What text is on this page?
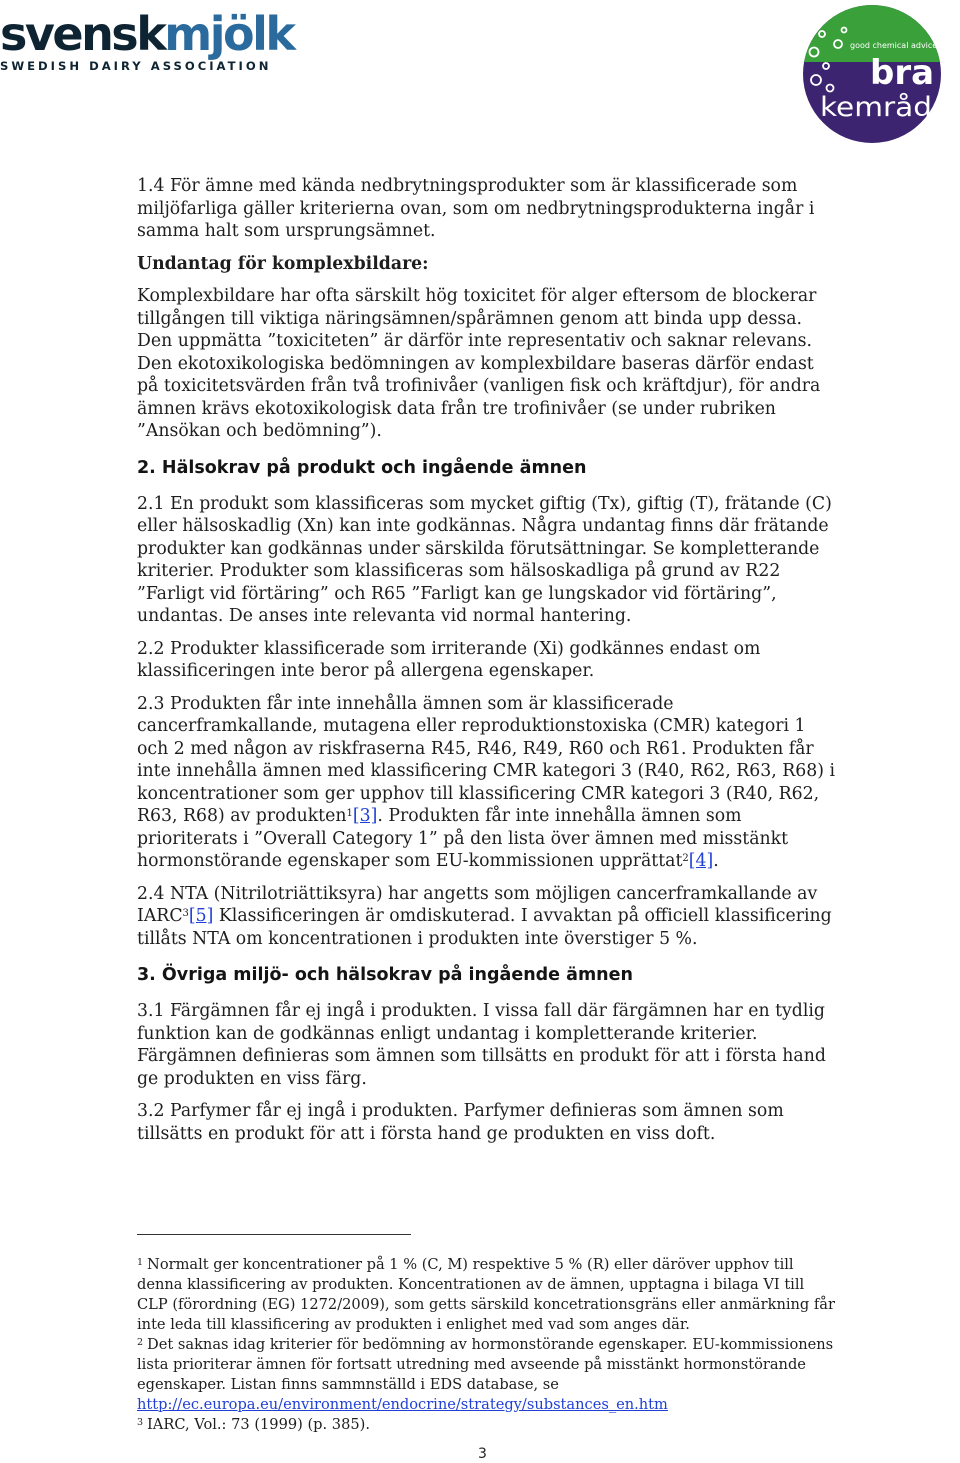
svenskmjölk
SWEDISH DAIRY ASSOCIATION
good chemical advice
bra
kemråd

1.4 För ämne med kända nedbrytningsprodukter som är klassificerade som miljöfarliga gäller kriterierna ovan, som om nedbrytningsprodukterna ingår i samma halt som ursprungsämnet.

Undantag för komplexbildare:

Komplexbildare har ofta särskilt hög toxicitet för alger eftersom de blockerar tillgången till viktiga näringsämnen/spårämnen genom att binda upp dessa. Den uppmätta ”toxiciteten” är därför inte representativ och saknar relevans. Den ekotoxikologiska bedömningen av komplexbildare baseras därför endast på toxicitetsvärden från två trofinivåer (vanligen fisk och kräftdjur), för andra ämnen krävs ekotoxikologisk data från tre trofinivåer (se under rubriken ”Ansökan och bedömning”).

2. Hälsokrav på produkt och ingående ämnen

2.1 En produkt som klassificeras som mycket giftig (Tx), giftig (T), frätande (C) eller hälsoskadlig (Xn) kan inte godkännas. Några undantag finns där frätande produkter kan godkännas under särskilda förutsättningar. Se kompletterande kriterier. Produkter som klassificeras som hälsoskadliga på grund av R22 ”Farligt vid förtäring” och R65 ”Farligt kan ge lungskador vid förtäring”, undantas. De anses inte relevanta vid normal hantering.

2.2 Produkter klassificerade som irriterande (Xi) godkännes endast om klassificeringen inte beror på allergena egenskaper.

2.3 Produkten får inte innehålla ämnen som är klassificerade cancerframkallande, mutagena eller reproduktionstoxiska (CMR) kategori 1 och 2 med någon av riskfraserna R45, R46, R49, R60 och R61. Produkten får inte innehålla ämnen med klassificering CMR kategori 3 (R40, R62, R63, R68) i koncentrationer som ger upphov till klassificering CMR kategori 3 (R40, R62, R63, R68) av produkten$^1$[3]. Produkten får inte innehålla ämnen som prioriterats i ”Overall Category 1” på den lista över ämnen med misstänkt hormonstörande egenskaper som EU-kommissionen upprättat$^2$[4].

2.4 NTA (Nitrilotriättiksyra) har angetts som möjligen cancerframkallande av IARC$^3$[5] Klassificeringen är omdiskuterad. I avvaktan på officiell klassificering tillåts NTA om koncentrationen i produkten inte överstiger 5 %.

3. Övriga miljö- och hälsokrav på ingående ämnen

3.1 Färgämnen får ej ingå i produkten. I vissa fall där färgämnen har en tydlig funktion kan de godkännas enligt undantag i kompletterande kriterier. Färgämnen definieras som ämnen som tillsätts en produkt för att i första hand ge produkten en viss färg.

3.2 Parfymer får ej ingå i produkten. Parfymer definieras som ämnen som tillsätts en produkt för att i första hand ge produkten en viss doft.

$^1$ Normalt ger koncentrationer på 1 % (C, M) respektive 5 % (R) eller däröver upphov till denna klassificering av produkten. Koncentrationen av de ämnen, upptagna i bilaga VI till CLP (förordning (EG) 1272/2009), som getts särskild koncetrationsgräns eller anmärkning får inte leda till klassificering av produkten i enlighet med vad som anges där.

$^2$ Det saknas idag kriterier för bedömning av hormonstörande egenskaper. EU-kommissionens lista prioriterar ämnen för fortsatt utredning med avseende på misstänkt hormonstörande egenskaper. Listan finns sammnställd i EDS database, se
http://ec.europa.eu/environment/endocrine/strategy/substances_en.htm

$^3$ IARC, Vol.: 73 (1999) (p. 385).

3
